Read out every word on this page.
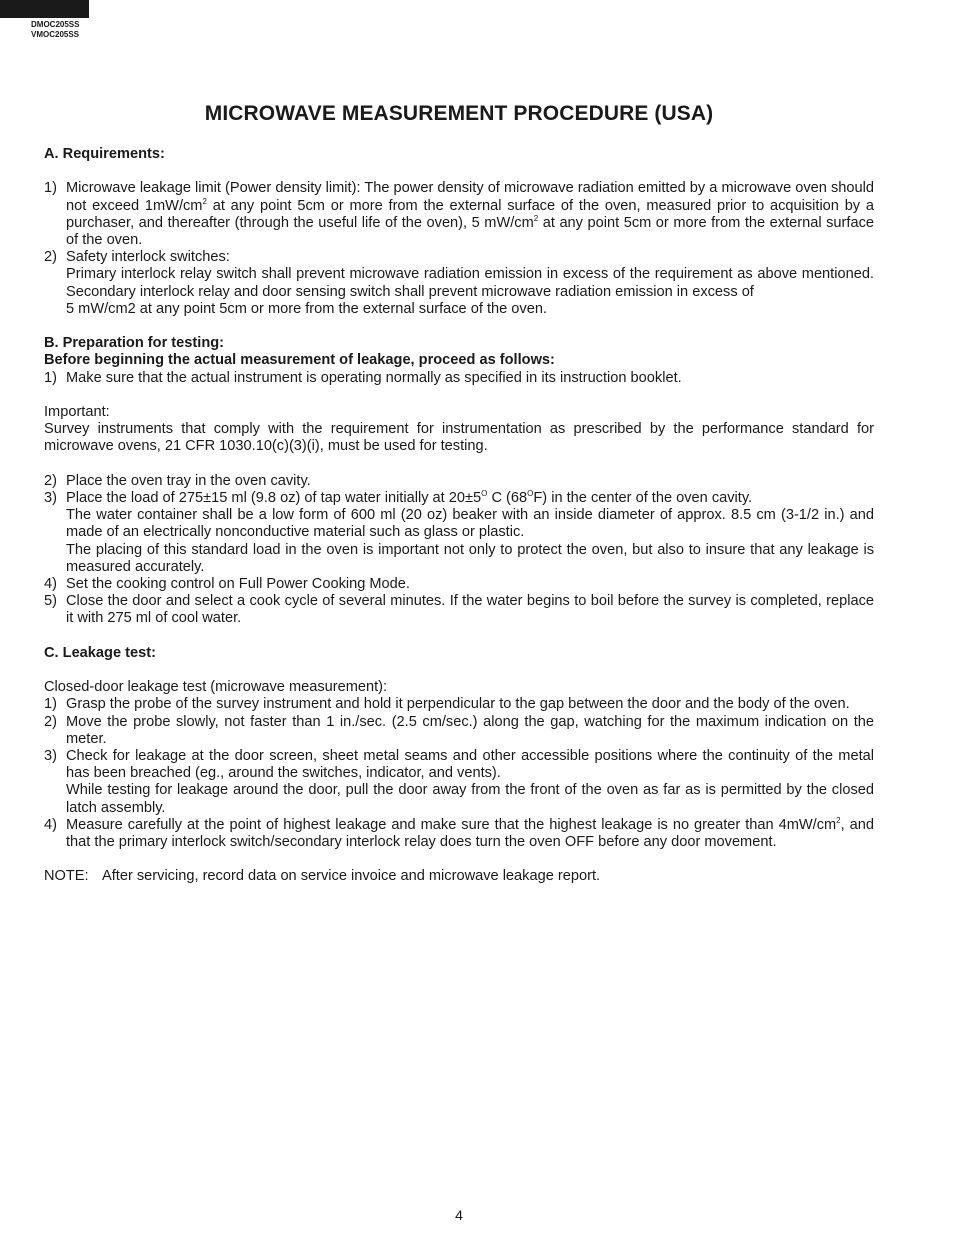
DMOC205SS
VMOC205SS
MICROWAVE MEASUREMENT PROCEDURE (USA)
A. Requirements:
1) Microwave leakage limit (Power density limit): The power density of microwave radiation emitted by a microwave oven should not exceed $1mW/cm^2$ at any point 5cm or more from the external surface of the oven, measured prior to acquisition by a purchaser, and thereafter (through the useful life of the oven), 5 $mW/cm^2$ at any point 5cm or more from the external surface of the oven.
2) Safety interlock switches:
Primary interlock relay switch shall prevent microwave radiation emission in excess of the requirement as above mentioned. Secondary interlock relay and door sensing switch shall prevent microwave radiation emission in excess of
5 mW/cm2 at any point 5cm or more from the external surface of the oven.
B. Preparation for testing:
Before beginning the actual measurement of leakage, proceed as follows:
1) Make sure that the actual instrument is operating normally as specified in its instruction booklet.
Important:
Survey instruments that comply with the requirement for instrumentation as prescribed by the performance standard for microwave ovens, 21 CFR 1030.10(c)(3)(i), must be used for testing.
2) Place the oven tray in the oven cavity.
3) Place the load of 275±15 ml (9.8 oz) of tap water initially at $20\pm 5^O$ C $(68^OF)$ in the center of the oven cavity.
The water container shall be a low form of 600 ml (20 oz) beaker with an inside diameter of approx. 8.5 cm (3-1/2 in.) and made of an electrically nonconductive material such as glass or plastic.
The placing of this standard load in the oven is important not only to protect the oven, but also to insure that any leakage is measured accurately.
4) Set the cooking control on Full Power Cooking Mode.
5) Close the door and select a cook cycle of several minutes. If the water begins to boil before the survey is completed, replace it with 275 ml of cool water.
C. Leakage test:
Closed-door leakage test (microwave measurement):
1) Grasp the probe of the survey instrument and hold it perpendicular to the gap between the door and the body of the oven.
2) Move the probe slowly, not faster than 1 in./sec. (2.5 cm/sec.) along the gap, watching for the maximum indication on the meter.
3) Check for leakage at the door screen, sheet metal seams and other accessible positions where the continuity of the metal has been breached (eg., around the switches, indicator, and vents).
While testing for leakage around the door, pull the door away from the front of the oven as far as is permitted by the closed latch assembly.
4) Measure carefully at the point of highest leakage and make sure that the highest leakage is no greater than $4mW/cm^2$, and that the primary interlock switch/secondary interlock relay does turn the oven OFF before any door movement.
NOTE: After servicing, record data on service invoice and microwave leakage report.
4
